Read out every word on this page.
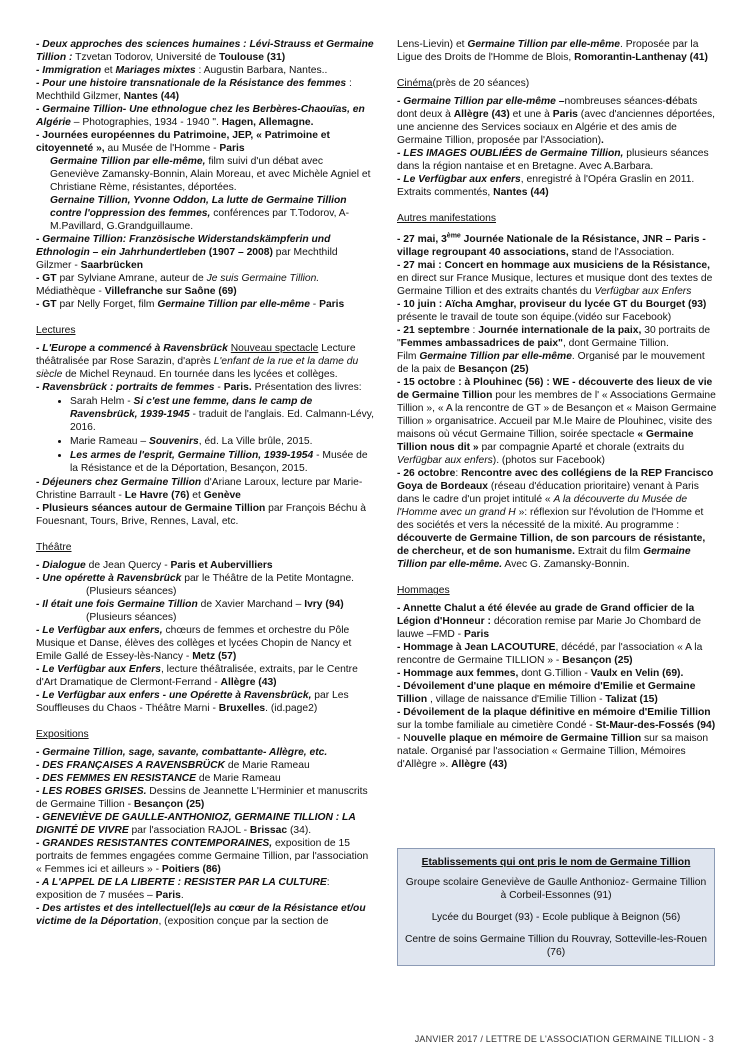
- Deux approches des sciences humaines : Lévi-Strauss et Germaine Tillion : Tzvetan Todorov, Université de Toulouse (31)

- Immigration et Mariages mixtes : Augustin Barbara, Nantes..

- Pour une histoire transnationale de la Résistance des femmes : Mechthild Gilzmer, Nantes (44)

- Germaine Tillion- Une ethnologue chez les Berbères-Chaouïas, en Algérie – Photographies, 1934 - 1940 ". Hagen, Allemagne.

- Journées européennes du Patrimoine, JEP, « Patrimoine et citoyenneté », au Musée de l'Homme - Paris

Germaine Tillion par elle-même, film suivi d'un débat avec Geneviève Zamansky-Bonnin, Alain Moreau, et avec Michèle Agniel et Christiane Rème, résistantes, déportées.

Gernaine Tillion, Yvonne Oddon, La lutte de Germaine Tillion contre l'oppression des femmes, conférences par T.Todorov, A-M.Pavillard, G.Grandguillaume.

- Germaine Tillion: Französische Widerstandskämpferin und Ethnologin – ein Jahrhundertleben (1907 – 2008) par Mechthild Gilzmer - Saarbrücken

- GT par Sylviane Amrane, auteur de Je suis Germaine Tillion. Médiathèque - Villefranche sur Saône (69)

- GT par Nelly Forget, film Germaine Tillion par elle-même - Paris

Lectures

- L'Europe a commencé à Ravensbrück Nouveau spectacle Lecture théâtralisée par Rose Sarazin, d'après L'enfant de la rue et la dame du siècle de Michel Reynaud. En tournée dans les lycées et collèges.

- Ravensbrück : portraits de femmes - Paris. Présentation des livres:

• Sarah Helm - Si c'est une femme, dans le camp de Ravensbrück, 1939-1945 - traduit de l'anglais. Ed. Calmann-Lévy, 2016.
• Marie Rameau – Souvenirs, éd. La Ville brûle, 2015.
• Les armes de l'esprit, Germaine Tillion, 1939-1954 - Musée de la Résistance et de la Déportation, Besançon, 2015.

- Déjeuners chez Germaine Tillion d'Ariane Laroux, lecture par Marie-Christine Barrault - Le Havre (76) et Genève

- Plusieurs séances autour de Germaine Tillion par François Béchu à Fouesnant, Tours, Brive, Rennes, Laval, etc.

Théâtre

- Dialogue de Jean Quercy - Paris et Aubervilliers

- Une opérette à Ravensbrück par le Théâtre de la Petite Montagne.

(Plusieurs séances)

- Il était une fois Germaine Tillion de Xavier Marchand – Ivry (94)

(Plusieurs séances)

- Le Verfügbar aux enfers, chœurs de femmes et orchestre du Pôle Musique et Danse, élèves des collèges et lycées Chopin de Nancy et Emile Gallé de Essey-lès-Nancy - Metz (57)

- Le Verfügbar aux Enfers, lecture théâtralisée, extraits, par le Centre d'Art Dramatique de Clermont-Ferrand - Allègre (43)

- Le Verfügbar aux enfers - une Opérette à Ravensbrück, par Les Souffleuses du Chaos - Théâtre Marni - Bruxelles. (id.page2)

Expositions

- Germaine Tillion, sage, savante, combattante- Allègre, etc.

- DES FRANÇAISES A RAVENSBRÜCK de Marie Rameau

- DES FEMMES EN RESISTANCE de Marie Rameau

- LES ROBES GRISES. Dessins de Jeannette L'Herminier et manuscrits de Germaine Tillion - Besançon (25)

- GENEVIÈVE DE GAULLE-ANTHONIOZ, GERMAINE TILLION : LA DIGNITÉ DE VIVRE par l'association RAJOL - Brissac (34).

- GRANDES RESISTANTES CONTEMPORAINES, exposition de 15 portraits de femmes engagées comme Germaine Tillion, par l'association « Femmes ici et ailleurs » - Poitiers (86)

- A L'APPEL DE LA LIBERTE : RESISTER PAR LA CULTURE: exposition de 7 musées – Paris.

- Des artistes et des intellectuel(le)s au cœur de la Résistance et/ou victime de la Déportation, (exposition conçue par la section de

Lens-Lievin) et Germaine Tillion par elle-même. Proposée par la Ligue des Droits de l'Homme de Blois, Romorantin-Lanthenay (41)

Cinéma(près de 20 séances)

- Germaine Tillion par elle-même –nombreuses séances-débats dont deux à Allègre (43) et une à Paris (avec d'anciennes déportées, une ancienne des Services sociaux en Algérie et des amis de Germaine Tillion, proposée par l'Association).

- LES IMAGES OUBLIÉES de Germaine Tillion, plusieurs séances dans la région nantaise et en Bretagne. Avec A.Barbara.

- Le Verfügbar aux enfers, enregistré à l'Opéra Graslin en 2011. Extraits commentés, Nantes (44)

Autres manifestations

- 27 mai, 3ème Journée Nationale de la Résistance, JNR – Paris - village regroupant 40 associations, stand de l'Association.

- 27 mai : Concert en hommage aux musiciens de la Résistance, en direct sur France Musique, lectures et musique dont des textes de Germaine Tillion et des extraits chantés du Verfügbar aux Enfers

- 10 juin : Aïcha Amghar, proviseur du lycée GT du Bourget (93) présente le travail de toute son équipe.(vidéo sur Facebook)

- 21 septembre : Journée internationale de la paix, 30 portraits de "Femmes ambassadrices de paix", dont Germaine Tillion.

Film Germaine Tillion par elle-même. Organisé par le mouvement de la paix de Besançon (25)

- 15 octobre : à Plouhinec (56) : WE - découverte des lieux de vie de Germaine Tillion pour les membres de l' « Associations Germaine Tillion », « A la rencontre de GT » de Besançon et « Maison Germaine Tillion » organisatrice. Accueil par M.le Maire de Plouhinec, visite des maisons où vécut Germaine Tillion, soirée spectacle « Germaine Tillion nous dit » par compagnie Aparté et chorale (extraits du Verfügbar aux enfers). (photos sur Facebook)

- 26 octobre: Rencontre avec des collégiens de la REP Francisco Goya de Bordeaux (réseau d'éducation prioritaire) venant à Paris dans le cadre d'un projet intitulé « A la découverte du Musée de l'Homme avec un grand H »: réflexion sur l'évolution de l'Homme et des sociétés et vers la nécessité de la mixité. Au programme : découverte de Germaine Tillion, de son parcours de résistante, de chercheur, et de son humanisme. Extrait du film Germaine Tillion par elle-même. Avec G. Zamansky-Bonnin.

Hommages

- Annette Chalut a été élevée au grade de Grand officier de la Légion d'Honneur : décoration remise par Marie Jo Chombard de lauwe –FMD - Paris

- Hommage à Jean LACOUTURE, décédé, par l'association « A la rencontre de Germaine TILLION » - Besançon (25)

- Hommage aux femmes, dont G.Tillion - Vaulx en Velin (69).

- Dévoilement d'une plaque en mémoire d'Emilie et Germaine Tillion , village de naissance d'Emilie Tillion - Talizat (15)

- Dévoilement de la plaque définitive en mémoire d'Emilie Tillion sur la tombe familiale au cimetière Condé - St-Maur-des-Fossés (94)

- Nouvelle plaque en mémoire de Germaine Tillion sur sa maison natale. Organisé par l'association « Germaine Tillion, Mémoires d'Allègre ». Allègre (43)

Etablissements qui ont pris le nom de Germaine Tillion

Groupe scolaire Geneviève de Gaulle Anthonioz- Germaine Tillion à Corbeil-Essonnes (91)

Lycée du Bourget (93) - Ecole publique à Beignon (56)

Centre de soins Germaine Tillion du Rouvray, Sotteville-les-Rouen (76)

JANVIER 2017 / LETTRE DE L'ASSOCIATION GERMAINE TILLION - 3
